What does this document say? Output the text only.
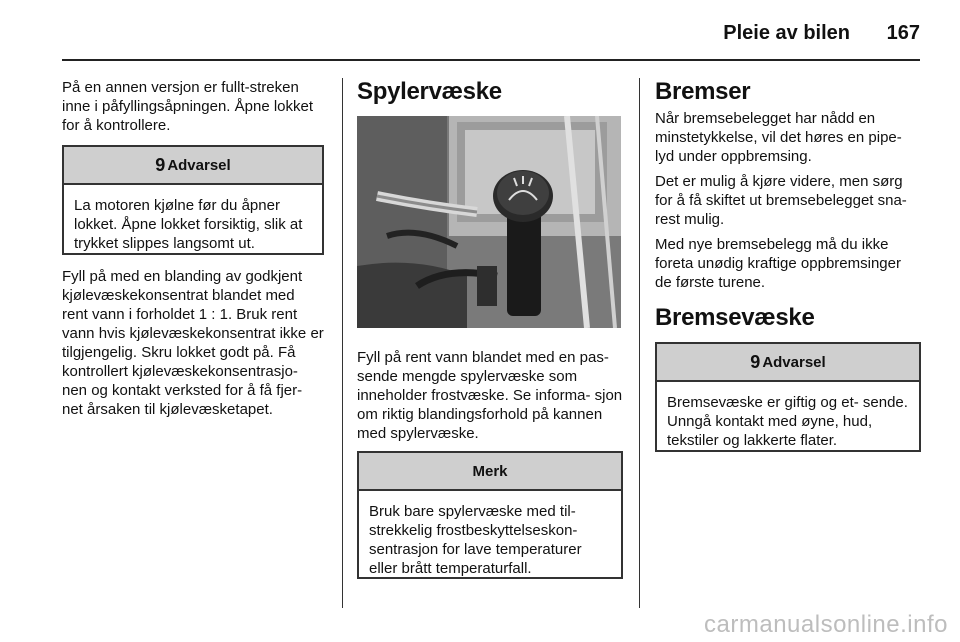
Pleie av bilen 167

På en annen versjon er fullt-streken inne i påfyllingsåpningen. Åpne lokket for å kontrollere.

9 Advarsel
La motoren kjølne før du åpner lokket. Åpne lokket forsiktig, slik at trykket slippes langsomt ut.

Fyll på med en blanding av godkjent kjølevæskekonsentrat blandet med rent vann i forholdet 1 : 1. Bruk rent vann hvis kjølevæskekonsentrat ikke er tilgjengelig. Skru lokket godt på. Få kontrollert kjølevæskekonsentrasjo- nen og kontakt verksted for å få fjer- net årsaken til kjølevæsketapet.

Spylervæske

Fyll på rent vann blandet med en pas- sende mengde spylervæske som inneholder frostvæske. Se informa- sjon om riktig blandingsforhold på kannen med spylervæske.

Merk
Bruk bare spylervæske med til- strekkelig frostbeskyttelseskon- sentrasjon for lave temperaturer eller brått temperaturfall.
Bremser

Når bremsebelegget har nådd en minstetykkelse, vil det høres en pipe- lyd under oppbremsing.

Det er mulig å kjøre videre, men sørg for å få skiftet ut bremsebelegget sna- rest mulig.

Med nye bremsebelegg må du ikke foreta unødig kraftige oppbremsinger de første turene.

Bremsevæske
9 Advarsel
Bremsevæske er giftig og et- sende. Unngå kontakt med øyne, hud, tekstiler og lakkerte flater.
carmanualsonline.info
